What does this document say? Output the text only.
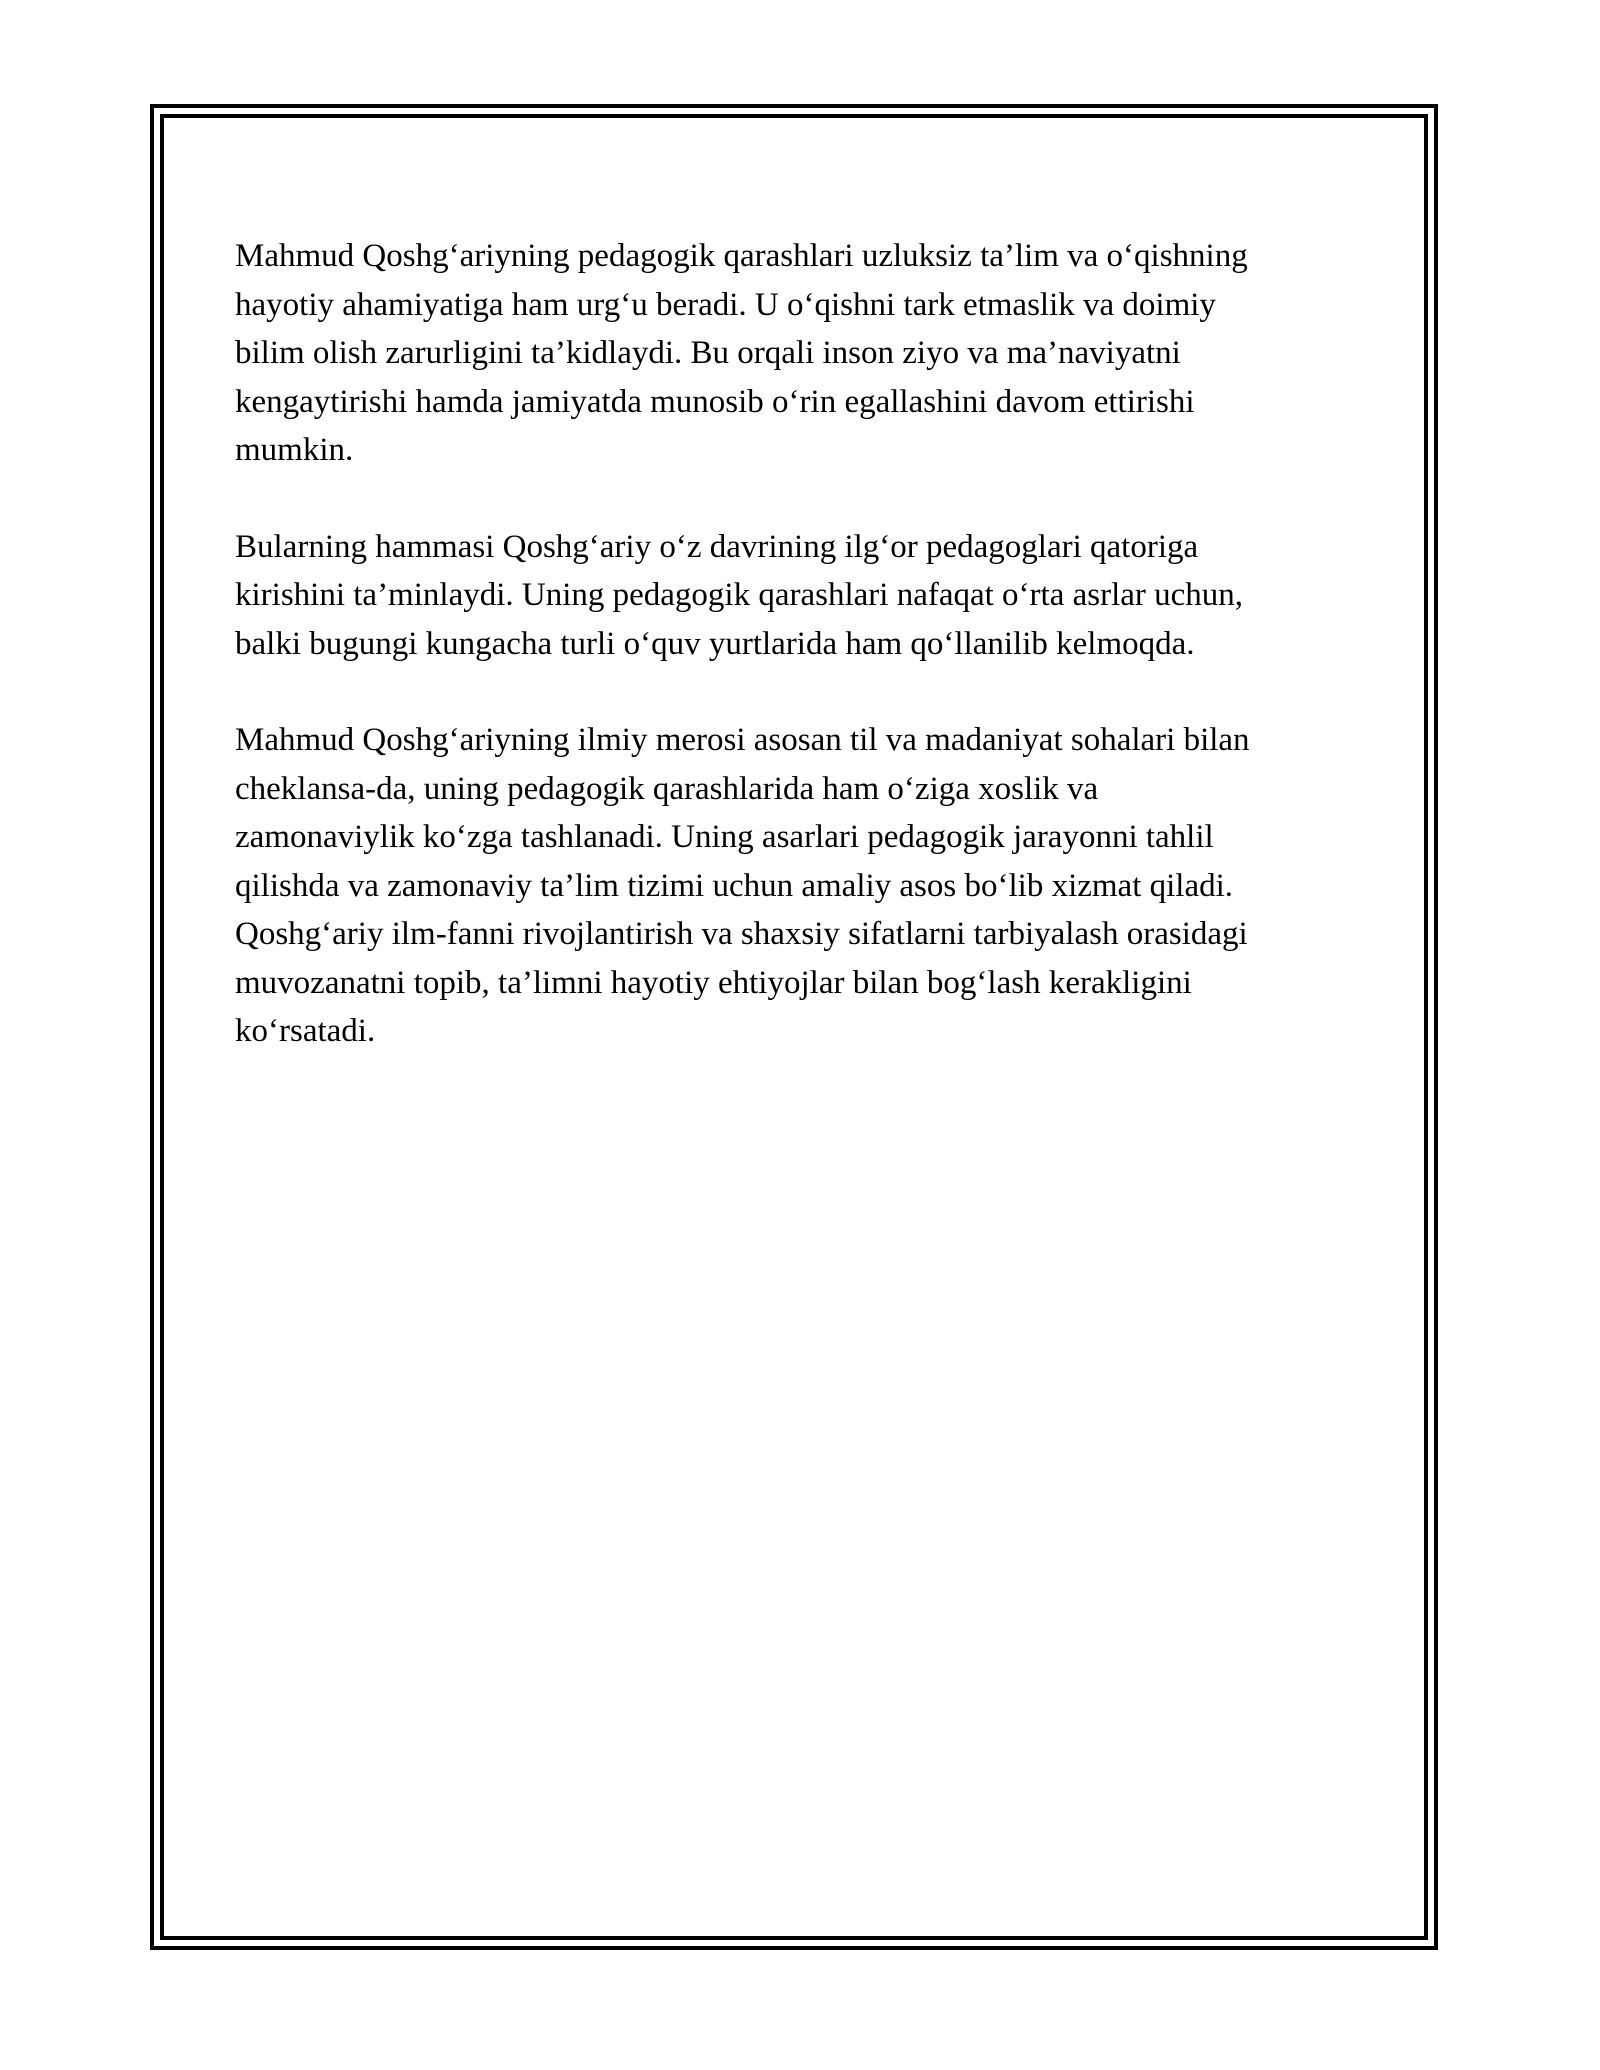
Mahmud Qoshg‘ariyning pedagogik qarashlari uzluksiz ta’lim va o‘qishning
hayotiy ahamiyatiga ham urg‘u beradi. U o‘qishni tark etmaslik va doimiy
bilim olish zarurligini ta’kidlaydi. Bu orqali inson ziyo va ma’naviyatni
kengaytirishi hamda jamiyatda munosib o‘rin egallashini davom ettirishi
mumkin.

Bularning hammasi Qoshg‘ariy o‘z davrining ilg‘or pedagoglari qatoriga
kirishini ta’minlaydi. Uning pedagogik qarashlari nafaqat o‘rta asrlar uchun,
balki bugungi kungacha turli o‘quv yurtlarida ham qo‘llanilib kelmoqda.

Mahmud Qoshg‘ariyning ilmiy merosi asosan til va madaniyat sohalari bilan
cheklansa-da, uning pedagogik qarashlarida ham o‘ziga xoslik va
zamonaviylik ko‘zga tashlanadi. Uning asarlari pedagogik jarayonni tahlil
qilishda va zamonaviy ta’lim tizimi uchun amaliy asos bo‘lib xizmat qiladi.
Qoshg‘ariy ilm-fanni rivojlantirish va shaxsiy sifatlarni tarbiyalash orasidagi
muvozanatni topib, ta’limni hayotiy ehtiyojlar bilan bog‘lash kerakligini
ko‘rsatadi.
